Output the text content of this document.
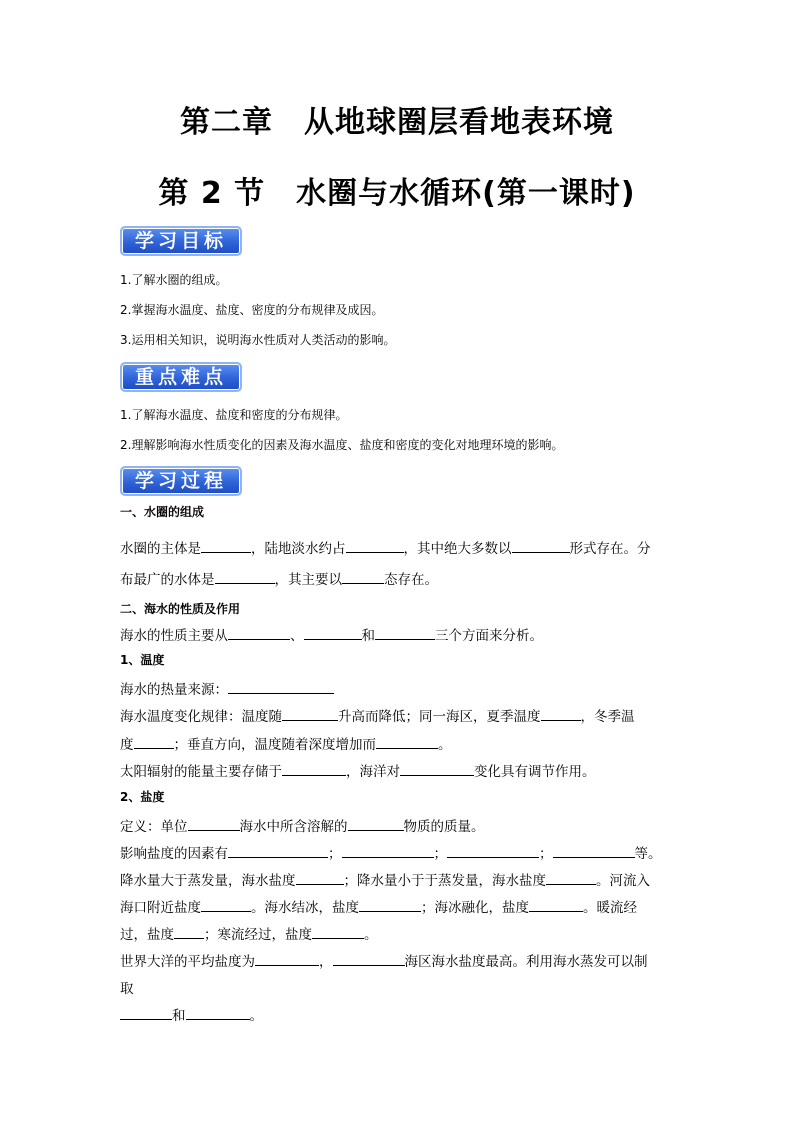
第二章　从地球圈层看地表环境
第 2 节　水圈与水循环(第一课时)
学习目标
1.了解水圈的组成。
2.掌握海水温度、盐度、密度的分布规律及成因。
3.运用相关知识，说明海水性质对人类活动的影响。
重点难点
1.了解海水温度、盐度和密度的分布规律。
2.理解影响海水性质变化的因素及海水温度、盐度和密度的变化对地理环境的影响。
学习过程
一、水圈的组成
水圈的主体是	，陆地淡水约占	，其中绝大多数以	形式存在。分
布最广的水体是	，其主要以	态存在。
二、海水的性质及作用
海水的性质主要从	、	和	三个方面来分析。
1、温度
海水的热量来源：
海水温度变化规律：温度随	升高而降低；同一海区，夏季温度	，冬季温
度	；垂直方向，温度随着深度增加而	。
太阳辐射的能量主要存储于	，海洋对	变化具有调节作用。
2、盐度
定义：单位	海水中所含溶解的	物质的质量。
影响盐度的因素有	；	；	；	等。
降水量大于蒸发量，海水盐度	；降水量小于于蒸发量，海水盐度	。河流入
海口附近盐度	。海水结冰，盐度	；海冰融化，盐度	。暖流经
过，盐度 ；寒流经过，盐度	。
世界大洋的平均盐度为	，	海区海水盐度最高。利用海水蒸发可以制
取
和	。
